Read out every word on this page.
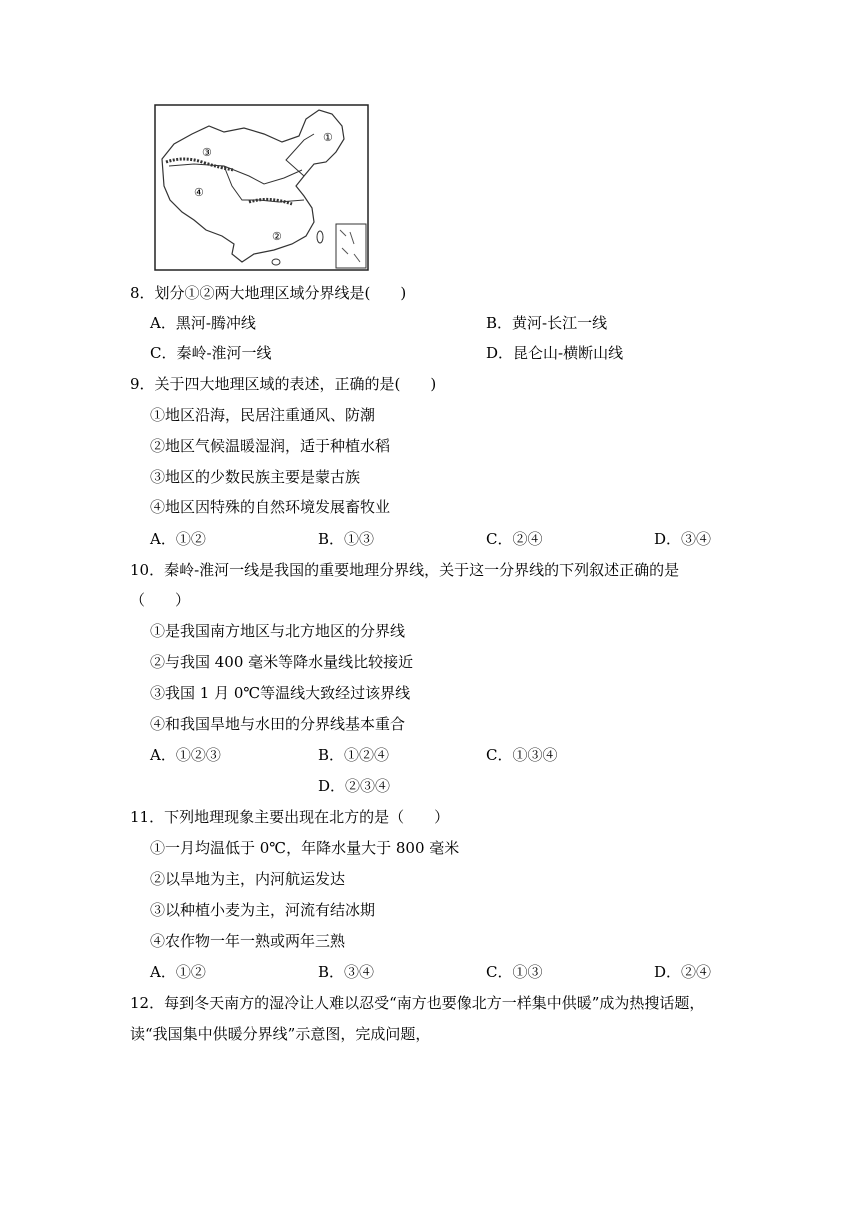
①
③
④
②
8．划分①②两大地理区域分界线是(　　)
A．黑河-腾冲线	B．黄河-长江一线
C．秦岭-淮河一线	D．昆仑山-横断山线
9．关于四大地理区域的表述，正确的是(　　)
①地区沿海，民居注重通风、防潮
②地区气候温暖湿润，适于种植水稻
③地区的少数民族主要是蒙古族
④地区因特殊的自然环境发展畜牧业
A．①②	B．①③	C．②④	D．③④
10．秦岭-淮河一线是我国的重要地理分界线，关于这一分界线的下列叙述正确的是
（　　）
①是我国南方地区与北方地区的分界线
②与我国 400 毫米等降水量线比较接近
③我国 1 月 0℃等温线大致经过该界线
④和我国旱地与水田的分界线基本重合
A．①②③	B．①②④	C．①③④
D．②③④
11．下列地理现象主要出现在北方的是（　　）
①一月均温低于 0℃，年降水量大于 800 毫米
②以旱地为主，内河航运发达
③以种植小麦为主，河流有结冰期
④农作物一年一熟或两年三熟
A．①②	B．③④	C．①③	D．②④
12．每到冬天南方的湿冷让人难以忍受“南方也要像北方一样集中供暖”成为热搜话题，
读“我国集中供暖分界线”示意图，完成问题，
